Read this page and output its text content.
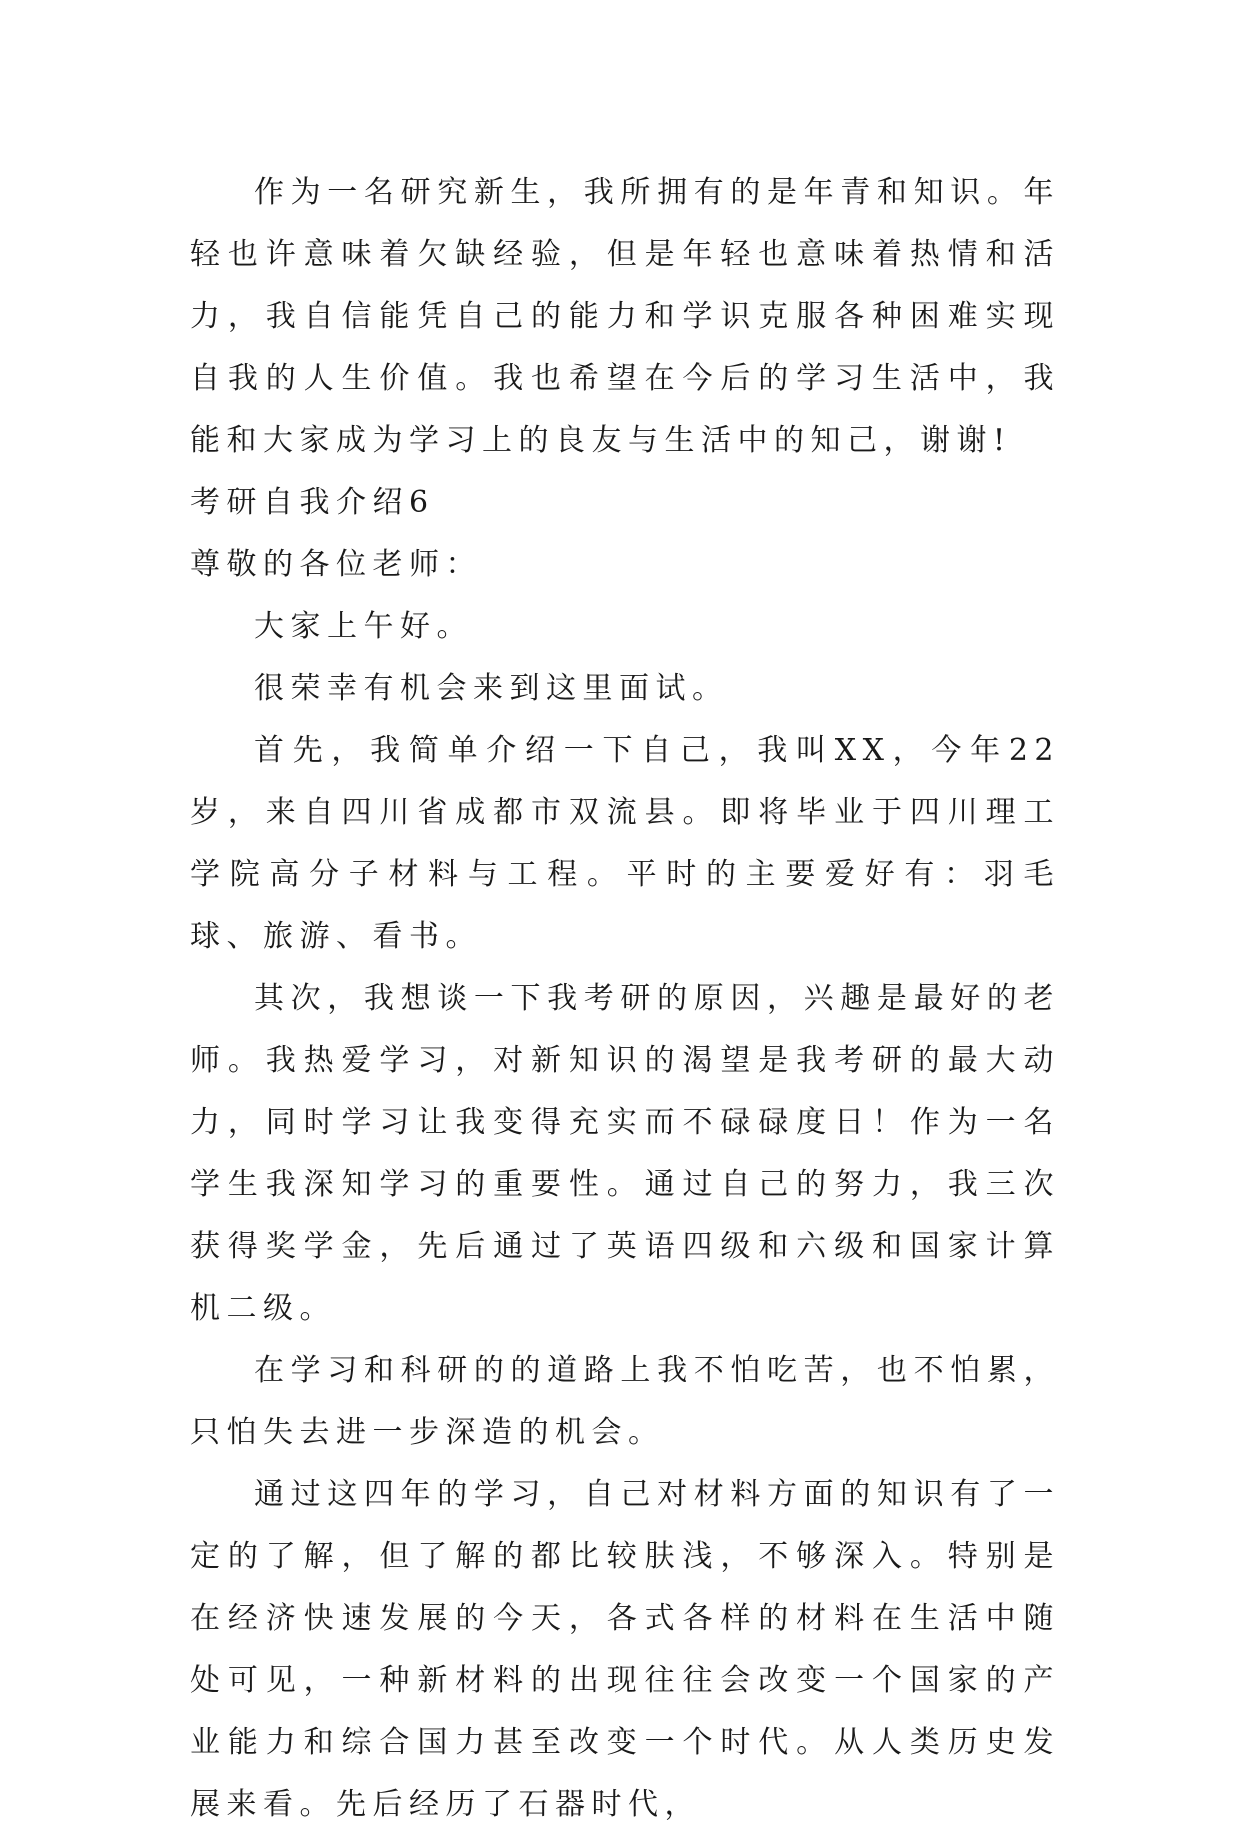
作为一名研究新生，我所拥有的是年青和知识。年轻也许意味着欠缺经验，但是年轻也意味着热情和活力，我自信能凭自己的能力和学识克服各种困难实现自我的人生价值。我也希望在今后的学习生活中，我能和大家成为学习上的良友与生活中的知己，谢谢!

考研自我介绍6

尊敬的各位老师：

大家上午好。

很荣幸有机会来到这里面试。

首先，我简单介绍一下自己，我叫XX，今年22岁，来自四川省成都市双流县。即将毕业于四川理工学院高分子材料与工程。平时的主要爱好有：羽毛球、旅游、看书。

其次，我想谈一下我考研的原因，兴趣是最好的老师。我热爱学习，对新知识的渴望是我考研的最大动力，同时学习让我变得充实而不碌碌度日！作为一名学生我深知学习的重要性。通过自己的努力，我三次获得奖学金，先后通过了英语四级和六级和国家计算机二级。

在学习和科研的的道路上我不怕吃苦，也不怕累，只怕失去进一步深造的机会。

通过这四年的学习，自己对材料方面的知识有了一定的了解，但了解的都比较肤浅，不够深入。特别是在经济快速发展的今天，各式各样的材料在生活中随处可见，一种新材料的出现往往会改变一个国家的产业能力和综合国力甚至改变一个时代。从人类历史发展来看。先后经历了石器时代，
